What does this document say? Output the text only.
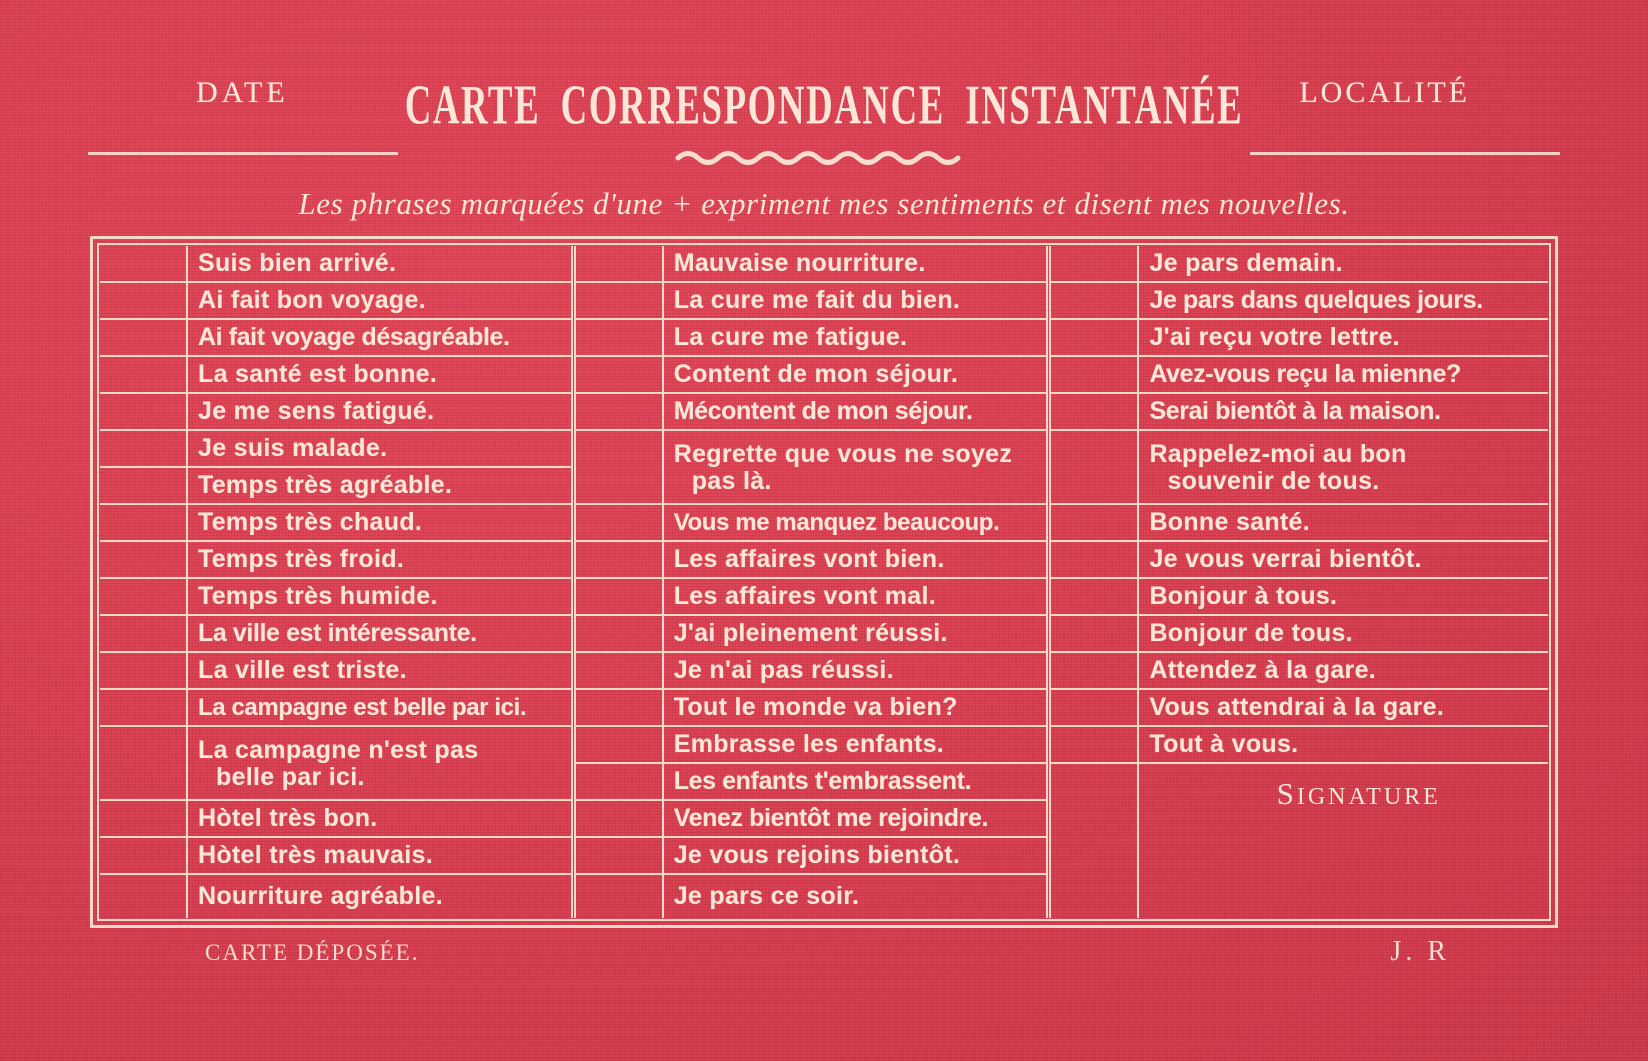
DATE	CARTE CORRESPONDANCE INSTANTANÉE	LOCALITÉ
Les phrases marquées d'une + expriment mes sentiments et disent mes nouvelles.
Suis bien arrivé.
Ai fait bon voyage.
Ai fait voyage désagréable.
La santé est bonne.
Je me sens fatigué.
Je suis malade.
Temps très agréable.
Temps très chaud.
Temps très froid.
Temps très humide.
La ville est intéressante.
La ville est triste.
La campagne est belle par ici.
La campagne n'est pas
belle par ici.
Hòtel très bon.
Hòtel très mauvais.
Nourriture agréable.
Mauvaise nourriture.
La cure me fait du bien.
La cure me fatigue.
Content de mon séjour.
Mécontent de mon séjour.
Regrette que vous ne soyez
pas là.
Vous me manquez beaucoup.
Les affaires vont bien.
Les affaires vont mal.
J'ai pleinement réussi.
Je n'ai pas réussi.
Tout le monde va bien?
Embrasse les enfants.
Les enfants t'embrassent.
Venez bientôt me rejoindre.
Je vous rejoins bientôt.
Je pars ce soir.
Je pars demain.
Je pars dans quelques jours.
J'ai reçu votre lettre.
Avez-vous reçu la mienne?
Serai bientôt à la maison.
Rappelez-moi au bon
souvenir de tous.
Bonne santé.
Je vous verrai bientôt.
Bonjour à tous.
Bonjour de tous.
Attendez à la gare.
Vous attendrai à la gare.
Tout à vous.
SIGNATURE
CARTE DÉPOSÉE.	J. R
